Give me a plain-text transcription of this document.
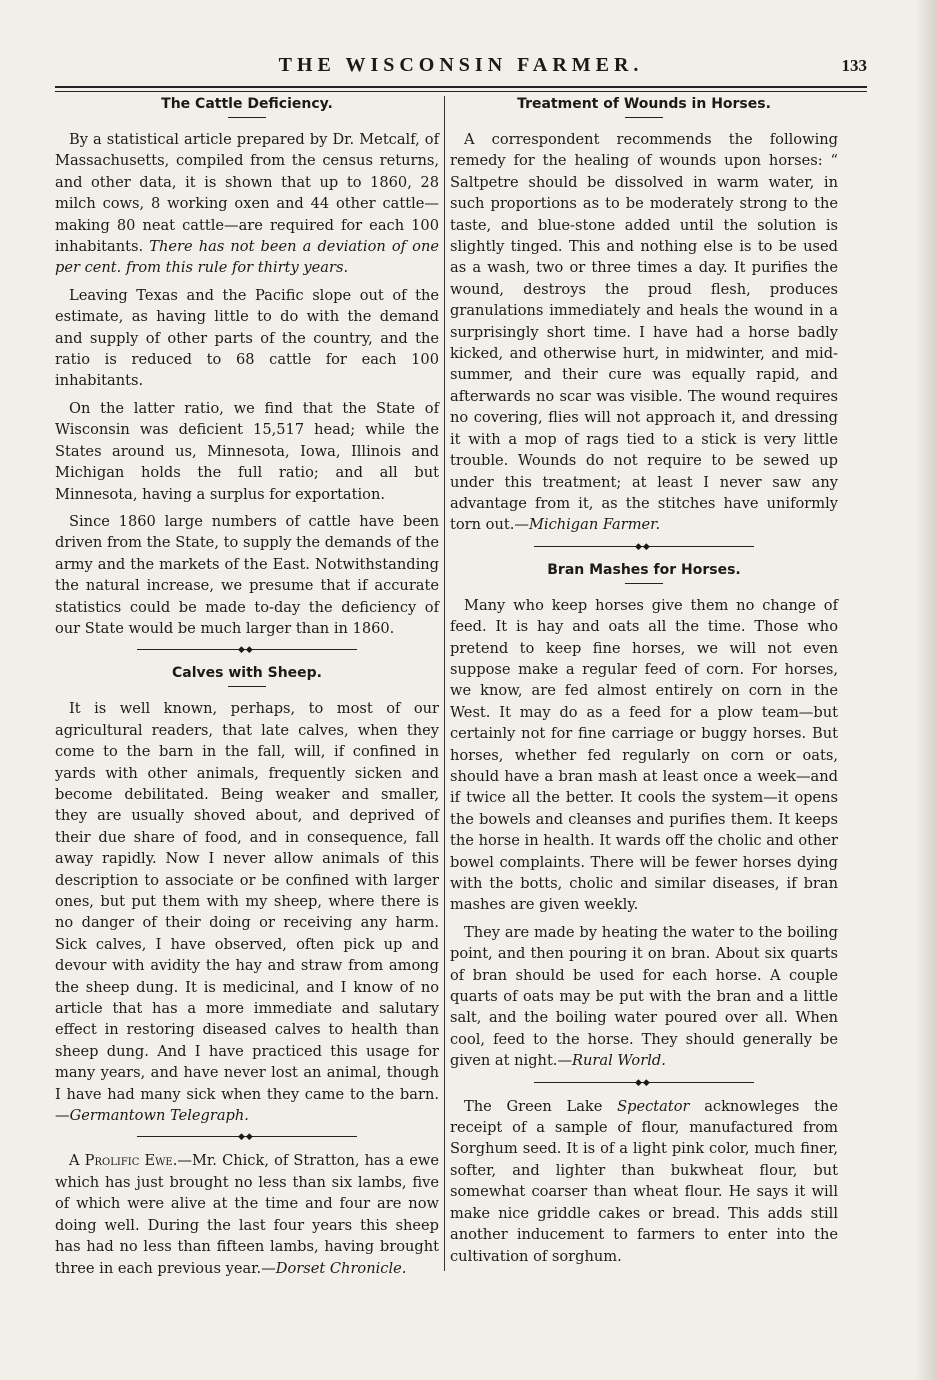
THE WISCONSIN FARMER.	133
The Cattle Deficiency.

By a statistical article prepared by Dr. Metcalf, of Massachusetts, compiled from the census returns, and other data, it is shown that up to 1860, 28 milch cows, 8 working oxen and 44 other cattle—making 80 neat cattle—are required for each 100 inhabitants. There has not been a deviation of one per cent. from this rule for thirty years.

Leaving Texas and the Pacific slope out of the estimate, as having little to do with the demand and supply of other parts of the country, and the ratio is reduced to 68 cattle for each 100 inhabitants.

On the latter ratio, we find that the State of Wisconsin was deficient 15,517 head; while the States around us, Minnesota, Iowa, Illinois and Michigan holds the full ratio; and all but Minnesota, having a surplus for exportation.

Since 1860 large numbers of cattle have been driven from the State, to supply the demands of the army and the markets of the East. Notwithstanding the natural increase, we presume that if accurate statistics could be made to-day the deficiency of our State would be much larger than in 1860.

◆◆
Calves with Sheep.

It is well known, perhaps, to most of our agricultural readers, that late calves, when they come to the barn in the fall, will, if confined in yards with other animals, frequently sicken and become debilitated. Being weaker and smaller, they are usually shoved about, and deprived of their due share of food, and in consequence, fall away rapidly. Now I never allow animals of this description to associate or be confined with larger ones, but put them with my sheep, where there is no danger of their doing or receiving any harm. Sick calves, I have observed, often pick up and devour with avidity the hay and straw from among the sheep dung. It is medicinal, and I know of no article that has a more immediate and salutary effect in restoring diseased calves to health than sheep dung. And I have practiced this usage for many years, and have never lost an animal, though I have had many sick when they came to the barn.—Germantown Telegraph.

◆◆

A Prolific Ewe.—Mr. Chick, of Stratton, has a ewe which has just brought no less than six lambs, five of which were alive at the time and four are now doing well. During the last four years this sheep has had no less than fifteen lambs, having brought three in each previous year.—Dorset Chronicle.

Treatment of Wounds in Horses.

A correspondent recommends the following remedy for the healing of wounds upon horses: “ Saltpetre should be dissolved in warm water, in such proportions as to be moderately strong to the taste, and blue-stone added until the solution is slightly tinged. This and nothing else is to be used as a wash, two or three times a day. It purifies the wound, destroys the proud flesh, produces granulations immediately and heals the wound in a surprisingly short time. I have had a horse badly kicked, and otherwise hurt, in midwinter, and mid-summer, and their cure was equally rapid, and afterwards no scar was visible. The wound requires no covering, flies will not approach it, and dressing it with a mop of rags tied to a stick is very little trouble. Wounds do not require to be sewed up under this treatment; at least I never saw any advantage from it, as the stitches have uniformly torn out.—Michigan Farmer.

◆◆
Bran Mashes for Horses.

Many who keep horses give them no change of feed. It is hay and oats all the time. Those who pretend to keep fine horses, we will not even suppose make a regular feed of corn. For horses, we know, are fed almost entirely on corn in the West. It may do as a feed for a plow team—but certainly not for fine carriage or buggy horses. But horses, whether fed regularly on corn or oats, should have a bran mash at least once a week—and if twice all the better. It cools the system—it opens the bowels and cleanses and purifies them. It keeps the horse in health. It wards off the cholic and other bowel complaints. There will be fewer horses dying with the botts, cholic and similar diseases, if bran mashes are given weekly.

They are made by heating the water to the boiling point, and then pouring it on bran. About six quarts of bran should be used for each horse. A couple quarts of oats may be put with the bran and a little salt, and the boiling water poured over all. When cool, feed to the horse. They should generally be given at night.—Rural World.

◆◆

The Green Lake Spectator acknowleges the receipt of a sample of flour, manufactured from Sorghum seed. It is of a light pink color, much finer, softer, and lighter than bukwheat flour, but somewhat coarser than wheat flour. He says it will make nice griddle cakes or bread. This adds still another inducement to farmers to enter into the cultivation of sorghum.
